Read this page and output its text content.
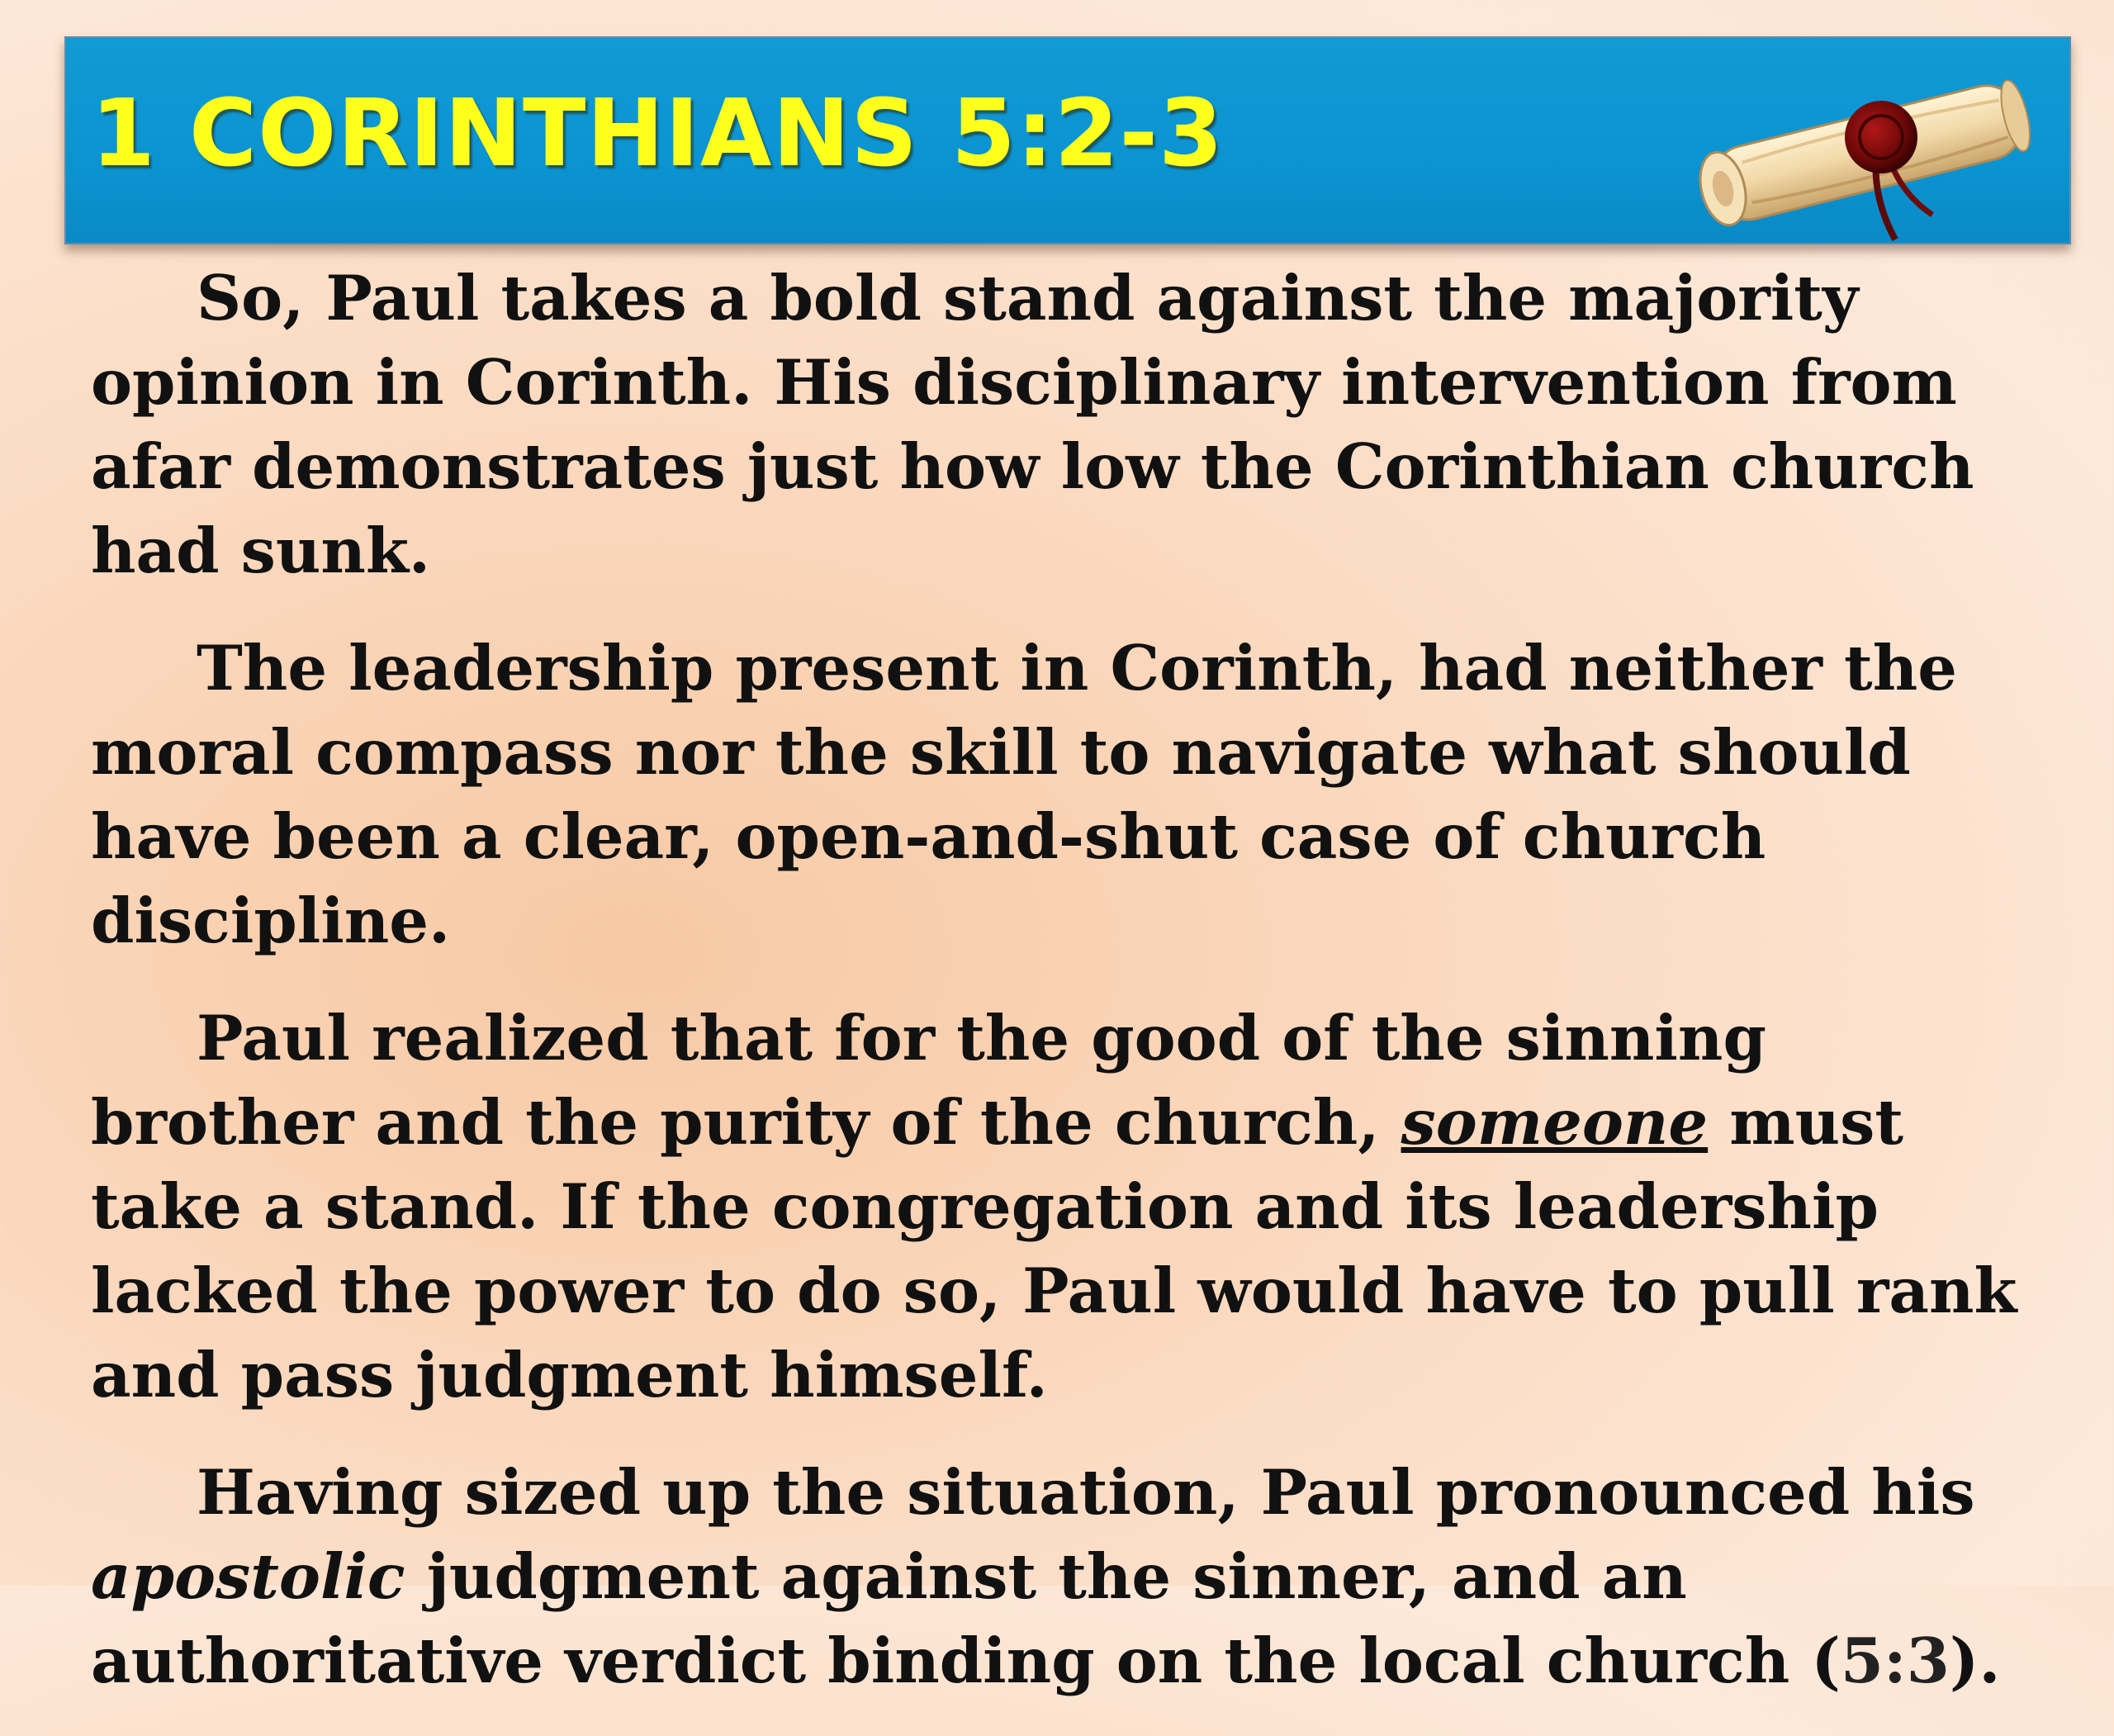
1 CORINTHIANS 5:2-3

So, Paul takes a bold stand against the majority opinion in Corinth. His disciplinary intervention from afar demonstrates just how low the Corinthian church had sunk.

The leadership present in Corinth, had neither the moral compass nor the skill to navigate what should have been a clear, open-and-shut case of church discipline.

Paul realized that for the good of the sinning brother and the purity of the church, someone must take a stand. If the congregation and its leadership lacked the power to do so, Paul would have to pull rank and pass judgment himself.

Having sized up the situation, Paul pronounced his apostolic judgment against the sinner, and an authoritative verdict binding on the local church (5:3).
